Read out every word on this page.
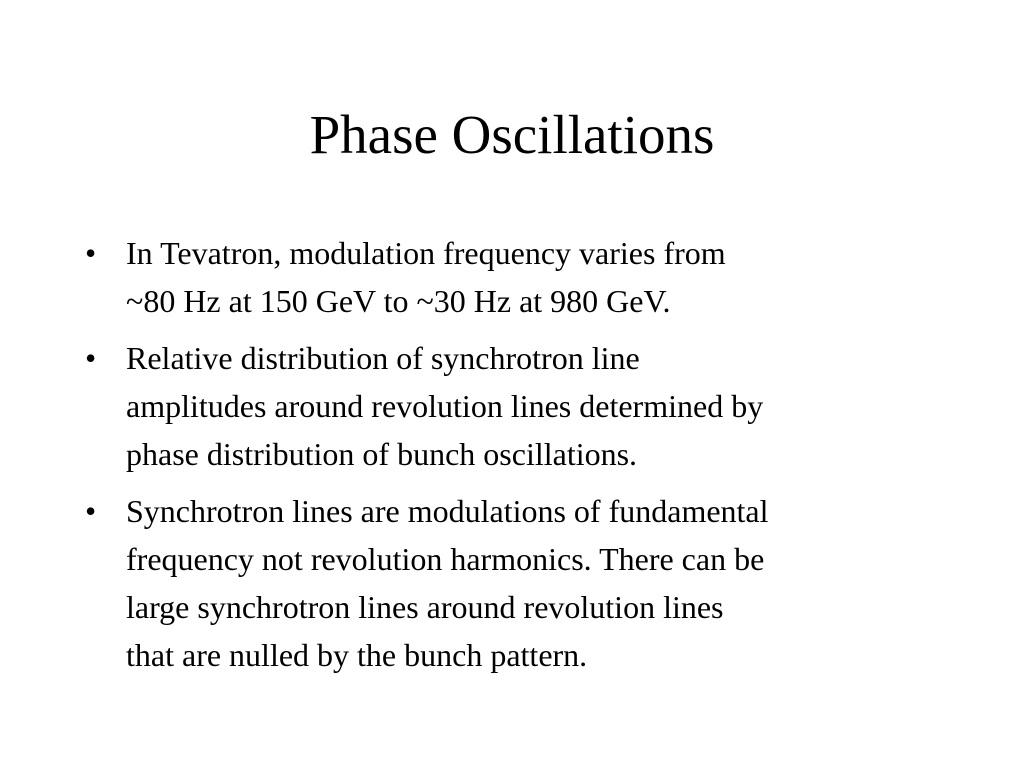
Phase Oscillations
• In Tevatron, modulation frequency varies from
~80 Hz at 150 GeV to ~30 Hz at 980 GeV.
• Relative distribution of synchrotron line
amplitudes around revolution lines determined by
phase distribution of bunch oscillations.
• Synchrotron lines are modulations of fundamental
frequency not revolution harmonics. There can be
large synchrotron lines around revolution lines
that are nulled by the bunch pattern.
